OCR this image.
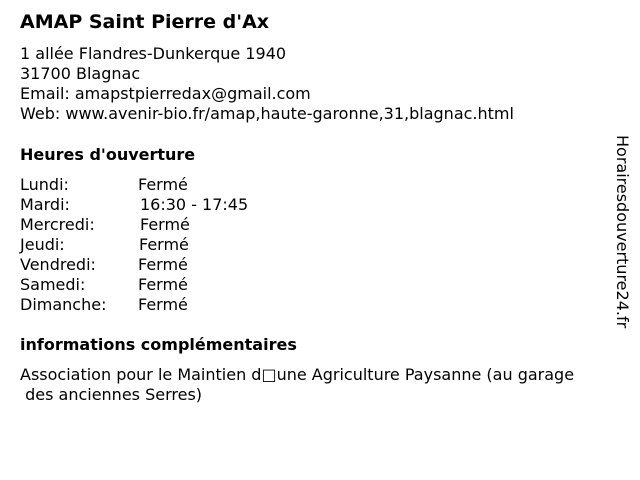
AMAP Saint Pierre d'Ax
1 allée Flandres-Dunkerque 1940
31700 Blagnac
Email: amapstpierredax@gmail.com
Web: www.avenir-bio.fr/amap,haute-garonne,31,blagnac.html
Heures d'ouverture
Lundi:	Fermé
Mardi:	16:30 - 17:45
Mercredi:	Fermé
Jeudi:	Fermé
Vendredi:	Fermé
Samedi:	Fermé
Dimanche: Fermé
informations complémentaires
Association pour le Maintien d□une Agriculture Paysanne (au garage
des anciennes Serres)
Horairesdouverture24.fr
